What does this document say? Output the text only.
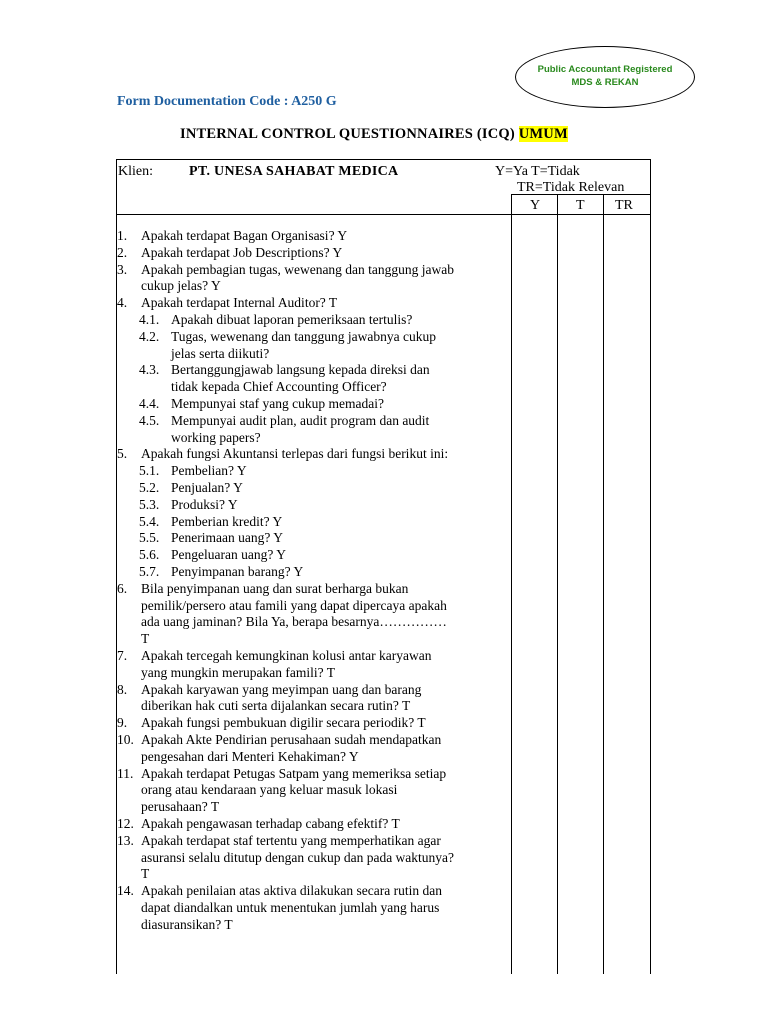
Public Accountant Registered
MDS & REKAN
Form Documentation Code : A250 G
INTERNAL CONTROL QUESTIONNAIRES (ICQ) UMUM
Klien:	PT. UNESA SAHABAT MEDICA	Y=Ya T=Tidak
TR=Tidak Relevan
Y	T TR
1. Apakah terdapat Bagan Organisasi? Y
2. Apakah terdapat Job Descriptions? Y
3. Apakah pembagian tugas, wewenang dan tanggung jawab
cukup jelas? Y
4. Apakah terdapat Internal Auditor? T
4.1. Apakah dibuat laporan pemeriksaan tertulis?
4.2. Tugas, wewenang dan tanggung jawabnya cukup
jelas serta diikuti?
4.3. Bertanggungjawab langsung kepada direksi dan
tidak kepada Chief Accounting Officer?
4.4. Mempunyai staf yang cukup memadai?
4.5. Mempunyai audit plan, audit program dan audit
working papers?
5. Apakah fungsi Akuntansi terlepas dari fungsi berikut ini:
5.1. Pembelian? Y
5.2. Penjualan? Y
5.3. Produksi? Y
5.4. Pemberian kredit? Y
5.5. Penerimaan uang? Y
5.6. Pengeluaran uang? Y
5.7. Penyimpanan barang? Y
6. Bila penyimpanan uang dan surat berharga bukan
pemilik/persero atau famili yang dapat dipercaya apakah
ada uang jaminan? Bila Ya, berapa besarnya……………
T
7. Apakah tercegah kemungkinan kolusi antar karyawan
yang mungkin merupakan famili? T
8. Apakah karyawan yang meyimpan uang dan barang
diberikan hak cuti serta dijalankan secara rutin? T
9. Apakah fungsi pembukuan digilir secara periodik? T
10. Apakah Akte Pendirian perusahaan sudah mendapatkan
pengesahan dari Menteri Kehakiman? Y
11. Apakah terdapat Petugas Satpam yang memeriksa setiap
orang atau kendaraan yang keluar masuk lokasi
perusahaan? T
12. Apakah pengawasan terhadap cabang efektif? T
13. Apakah terdapat staf tertentu yang memperhatikan agar
asuransi selalu ditutup dengan cukup dan pada waktunya?
T
14. Apakah penilaian atas aktiva dilakukan secara rutin dan
dapat diandalkan untuk menentukan jumlah yang harus
diasuransikan? T
